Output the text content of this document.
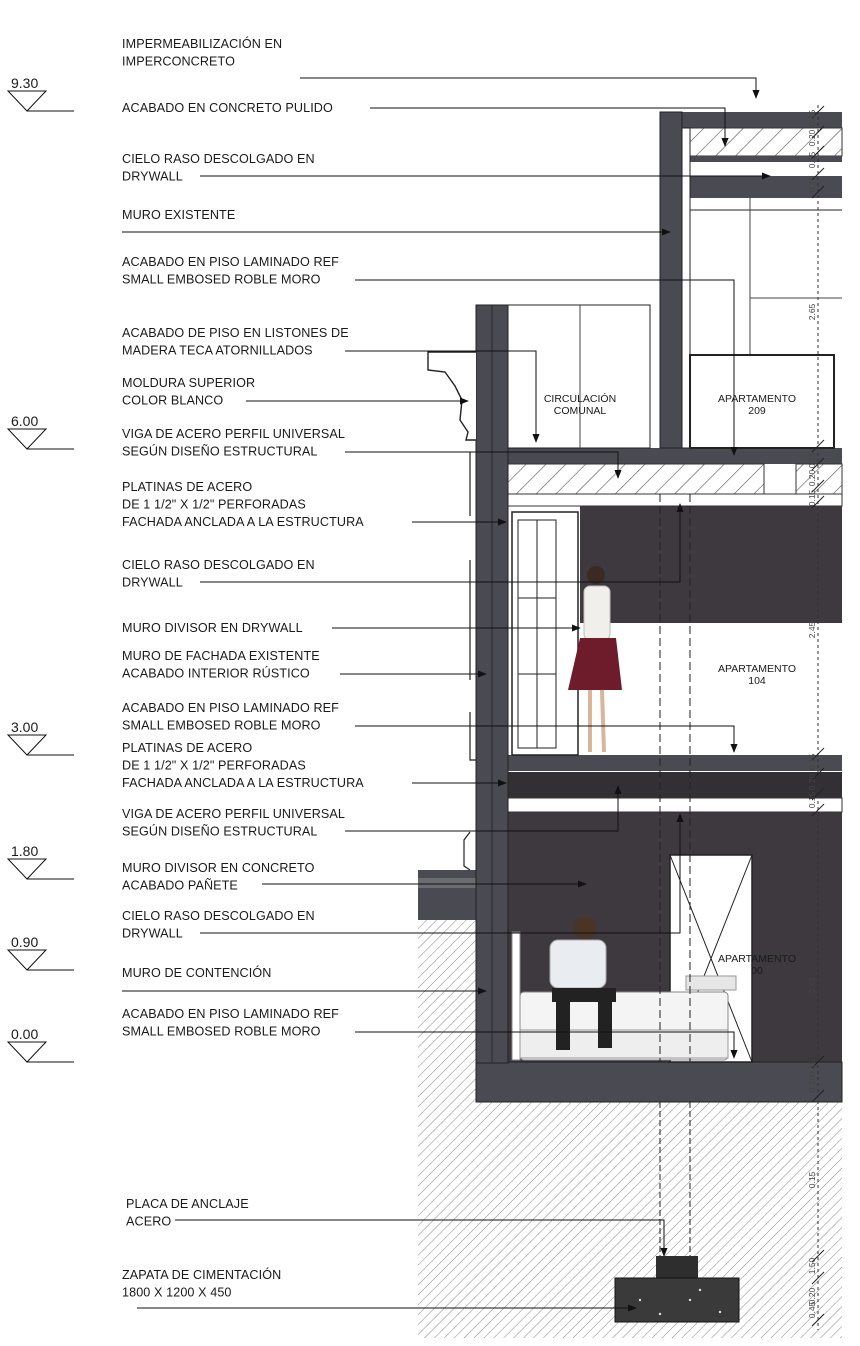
0.15
0.20
0.15
0.15
2.65
0.15
0.20
0.15
2.45
0.15
0.20
0.15
2.45
0.15
0.20
0.15
1.50
0.20
0.45
9.30
6.00
3.00
1.80
0.90
0.00
IMPERMEABILIZACIÓN EN
IMPERCONCRETO
ACABADO EN CONCRETO PULIDO
CIELO RASO DESCOLGADO EN
DRYWALL
MURO EXISTENTE
ACABADO EN PISO LAMINADO REF
SMALL EMBOSED ROBLE MORO
ACABADO DE PISO EN LISTONES DE
MADERA TECA ATORNILLADOS
MOLDURA SUPERIOR
COLOR BLANCO
VIGA DE ACERO PERFIL UNIVERSAL
SEGÚN DISEÑO ESTRUCTURAL
PLATINAS DE ACERO
DE 1 1/2" X 1/2" PERFORADAS
FACHADA ANCLADA A LA ESTRUCTURA
CIELO RASO DESCOLGADO EN
DRYWALL
MURO DIVISOR EN DRYWALL
MURO DE FACHADA EXISTENTE
ACABADO INTERIOR RÚSTICO
ACABADO EN PISO LAMINADO REF
SMALL EMBOSED ROBLE MORO
PLATINAS DE ACERO
DE 1 1/2" X 1/2" PERFORADAS
FACHADA ANCLADA A LA ESTRUCTURA
VIGA DE ACERO PERFIL UNIVERSAL
SEGÚN DISEÑO ESTRUCTURAL
MURO DIVISOR EN CONCRETO
ACABADO PAÑETE
CIELO RASO DESCOLGADO EN
DRYWALL
MURO DE CONTENCIÓN
ACABADO EN PISO LAMINADO REF
SMALL EMBOSED ROBLE MORO
PLACA DE ANCLAJE
ACERO
ZAPATA DE CIMENTACIÓN
1800 X 1200 X 450
CIRCULACIÓN
COMUNAL
APARTAMENTO
209
APARTAMENTO
104
APARTAMENTO
00
